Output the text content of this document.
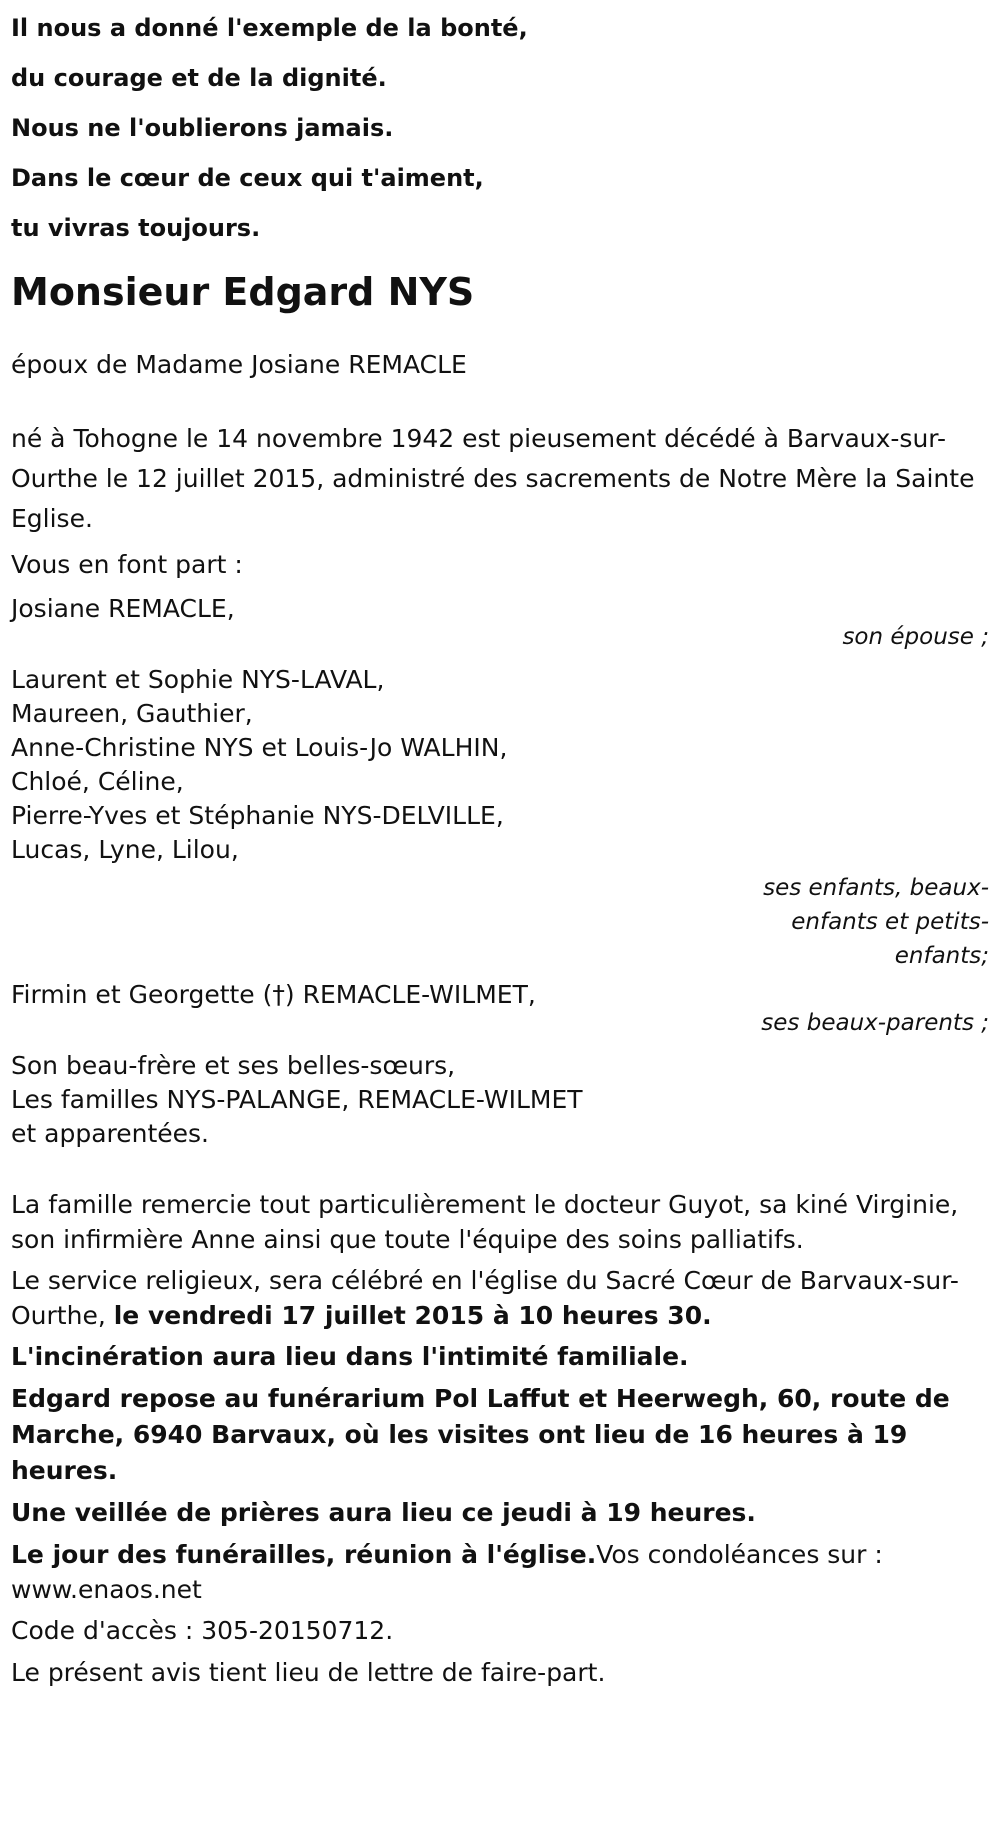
Il nous a donné l'exemple de la bonté,
du courage et de la dignité.
Nous ne l'oublierons jamais.
Dans le cœur de ceux qui t'aiment,
tu vivras toujours.
Monsieur Edgard NYS
époux de Madame Josiane REMACLE
né à Tohogne le 14 novembre 1942 est pieusement décédé à Barvaux-sur-Ourthe le 12 juillet 2015, administré des sacrements de Notre Mère la Sainte Eglise.
Vous en font part :
Josiane REMACLE,
son épouse ;
Laurent et Sophie NYS-LAVAL,
Maureen, Gauthier,
Anne-Christine NYS et Louis-Jo WALHIN,
Chloé, Céline,
Pierre-Yves et Stéphanie NYS-DELVILLE,
Lucas, Lyne, Lilou,
ses enfants, beaux-
enfants et petits-
enfants;
Firmin et Georgette (†) REMACLE-WILMET,
ses beaux-parents ;
Son beau-frère et ses belles-sœurs,
Les familles NYS-PALANGE, REMACLE-WILMET
et apparentées.
La famille remercie tout particulièrement le docteur Guyot, sa kiné Virginie, son infirmière Anne ainsi que toute l'équipe des soins palliatifs.
Le service religieux, sera célébré en l'église du Sacré Cœur de Barvaux-sur-Ourthe, le vendredi 17 juillet 2015 à 10 heures 30.
L'incinération aura lieu dans l'intimité familiale.
Edgard repose au funérarium Pol Laffut et Heerwegh, 60, route de Marche, 6940 Barvaux, où les visites ont lieu de 16 heures à 19 heures.
Une veillée de prières aura lieu ce jeudi à 19 heures.
Le jour des funérailles, réunion à l'église.Vos condoléances sur : www.enaos.net
Code d'accès : 305-20150712.
Le présent avis tient lieu de lettre de faire-part.
